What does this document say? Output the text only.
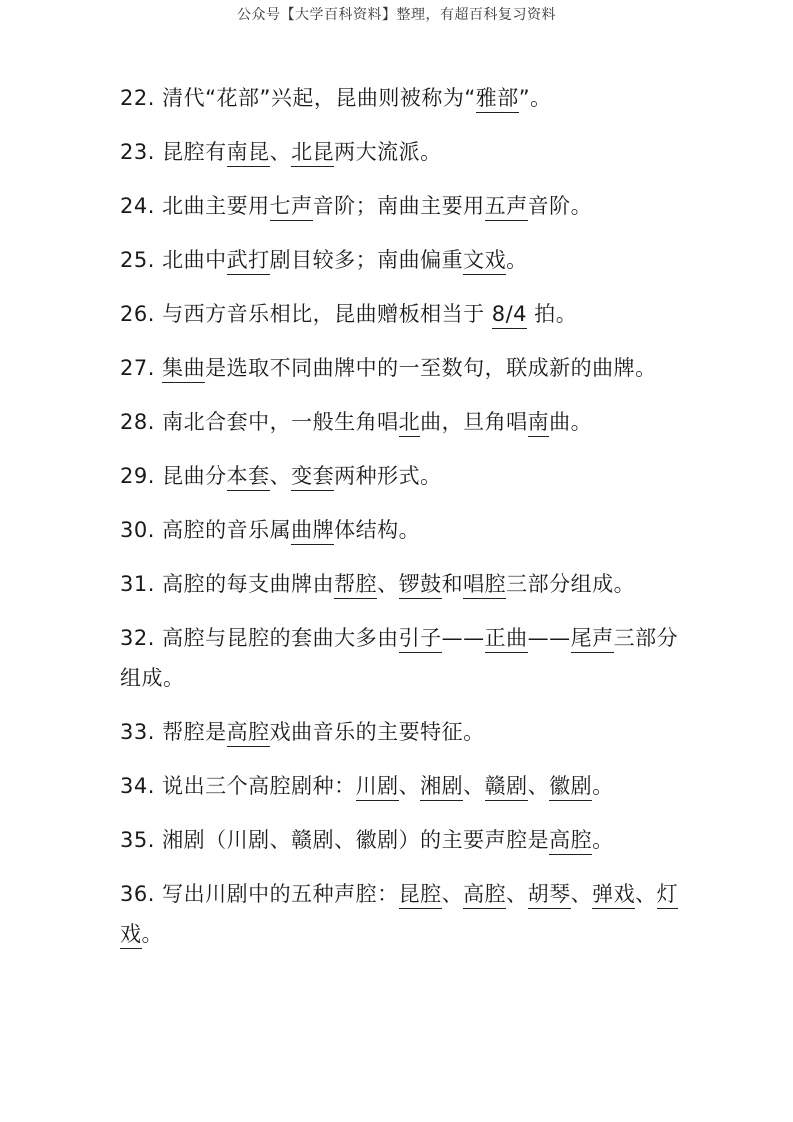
公众号【大学百科资料】整理，有超百科复习资料
22. 清代“花部”兴起，昆曲则被称为“雅部”。
23. 昆腔有南昆、北昆两大流派。
24. 北曲主要用七声音阶；南曲主要用五声音阶。
25. 北曲中武打剧目较多；南曲偏重文戏。
26. 与西方音乐相比，昆曲赠板相当于 8/4 拍。
27. 集曲是选取不同曲牌中的一至数句，联成新的曲牌。
28. 南北合套中，一般生角唱北曲，旦角唱南曲。
29. 昆曲分本套、变套两种形式。
30. 高腔的音乐属曲牌体结构。
31. 高腔的每支曲牌由帮腔、锣鼓和唱腔三部分组成。
32. 高腔与昆腔的套曲大多由引子——正曲——尾声三部分组成。
33. 帮腔是高腔戏曲音乐的主要特征。
34. 说出三个高腔剧种：川剧、湘剧、赣剧、徽剧。
35. 湘剧（川剧、赣剧、徽剧）的主要声腔是高腔。
36. 写出川剧中的五种声腔：昆腔、高腔、胡琴、弹戏、灯戏。
